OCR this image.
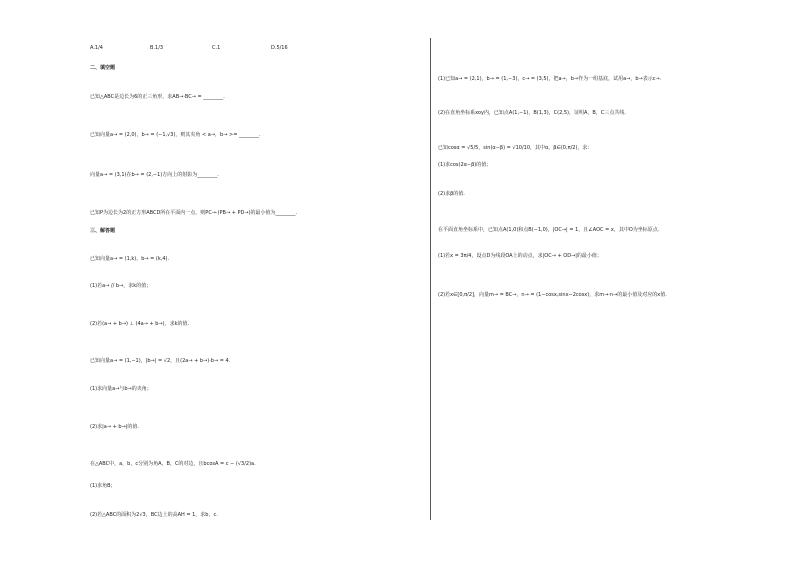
A.1/4	B.1/3	C.1	D.5/16
二、填空题
已知△ABC是边长为6的正三角形，求AB→·BC→ = ________.
已知向量a→ = (2,0)，b→ = (−1,√3)，则其夹角 < a→，b→ >= ________.
向量a→ = (3,1)在b→ = (2,−1)方向上的射影为________.
已知P为边长为2的正方形ABCD所在平面内一点，则PC→·(PB→ + PD→)的最小值为________.
三、解答题
已知向量a→ = (1,k)，b→ = (k,4).
(1)若a→ // b→，求k的值；
(2)若(a→ + b→) ⊥ (4a→ + b→)，求k的值.
已知向量a→ = (1,−1)，|b→| = √2，且(2a→ + b→)·b→ = 4.
(1)求向量a→与b→的夹角；
(2)求|a→ + b→|的值.
在△ABC中，a，b，c分别为角A，B，C的对边，且bcosA = c − (√3/2)a.
(1)求角B；
(2)若△ABC的面积为2√3，BC边上的高AH = 1，求b，c.
(1)已知a→ = (2,1)，b→ = (1,−3)，c→ = (3,5)，把a→，b→作为一组基底，试用a→，b→表示c→.
(2)在直角坐标系xoy内，已知点A(1,−1)，B(1,3)，C(2,5)，证明A，B，C三点共线.
已知cosα = √5/5，sin(α−β) = √10/10，其中α，β∈(0,π/2)，求：
(1)求cos(2α−β)的值；
(2)求β的值.
在平面直角坐标系中，已知点A(1,0)和点B(−1,0)，|OC→| = 1，且∠AOC = x，其中O为坐标原点.
(1)若x = 3π/4，设点D为线段OA上的动点，求|OC→ + OD→|的最小值；
(2)若x∈[0,π/2]，向量m→ = BC→，n→ = (1−cosx,sinx−2cosx)，求m→·n→的最小值及对应的x值.
